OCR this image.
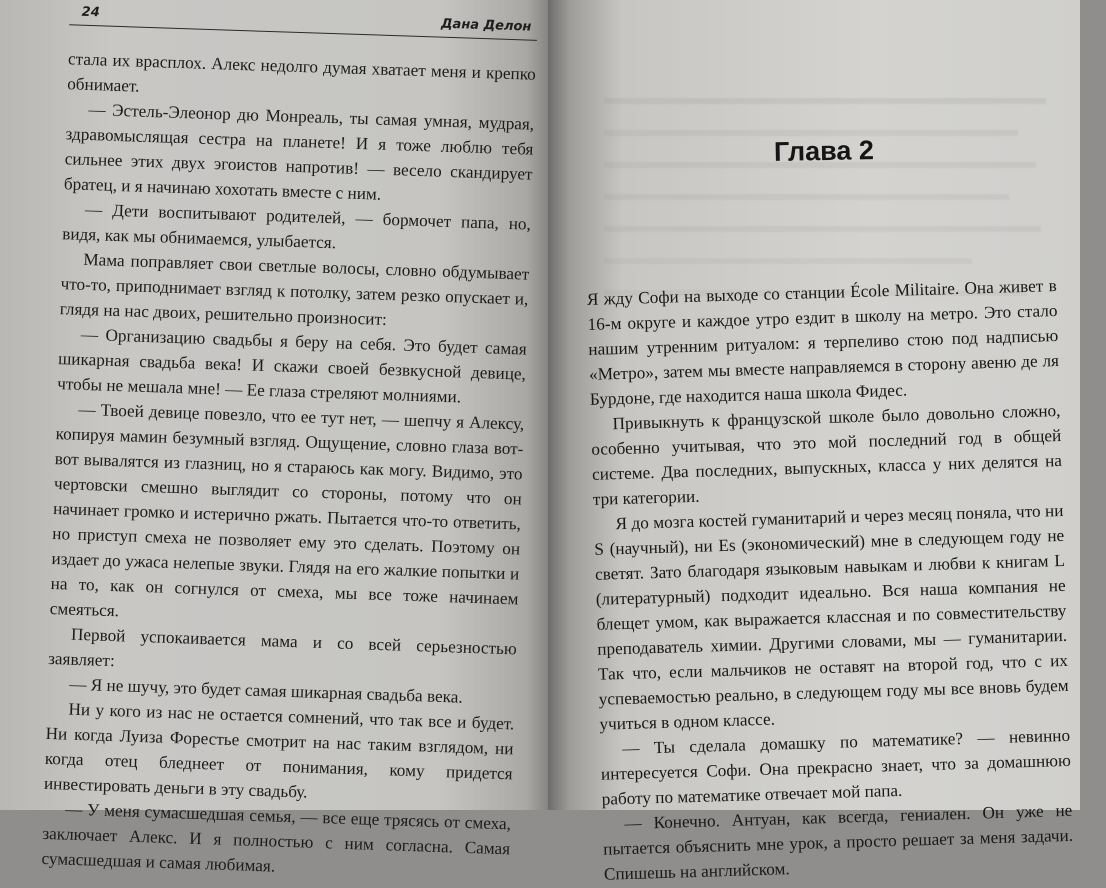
24
Дана Делон

стала их врасплох. Алекс недолго думая хватает меня и крепко обнимает.

— Эстель-Элеонор дю Монреаль, ты самая умная, мудрая, здравомыслящая сестра на планете! И я тоже люблю тебя сильнее этих двух эгоистов напротив! — весело скандирует братец, и я начинаю хохотать вместе с ним.

— Дети воспитывают родителей, — бормочет папа, но, видя, как мы обнимаемся, улыбается.

Мама поправляет свои светлые волосы, словно обдумывает что-то, приподнимает взгляд к потолку, затем резко опускает и, глядя на нас двоих, решительно произносит:

— Организацию свадьбы я беру на себя. Это будет самая шикарная свадьба века! И скажи своей безвкусной девице, чтобы не мешала мне! — Ее глаза стреляют молниями.

— Твоей девице повезло, что ее тут нет, — шепчу я Алексу, копируя мамин безумный взгляд. Ощущение, словно глаза вот-вот вывалятся из глазниц, но я стараюсь как могу. Видимо, это чертовски смешно выглядит со стороны, потому что он начинает громко и истерично ржать. Пытается что-то ответить, но приступ смеха не позволяет ему это сделать. Поэтому он издает до ужаса нелепые звуки. Глядя на его жалкие попытки и на то, как он согнулся от смеха, мы все тоже начинаем смеяться.

Первой успокаивается мама и со всей серьезностью заявляет:

— Я не шучу, это будет самая шикарная свадьба века.

Ни у кого из нас не остается сомнений, что так все и будет. Ни когда Луиза Форестье смотрит на нас таким взглядом, ни когда отец бледнеет от понимания, кому придется инвестировать деньги в эту свадьбу.

— У меня сумасшедшая семья, — все еще трясясь от смеха, заключает Алекс. И я полностью с ним согласна. Самая сумасшедшая и самая любимая.

Глава 2

Я жду Софи на выходе со станции École Militaire. Она живет в 16-м округе и каждое утро ездит в школу на метро. Это стало нашим утренним ритуалом: я терпеливо стою под надписью «Метро», затем мы вместе направляемся в сторону авеню де ля Бурдоне, где находится наша школа Фидес.

Привыкнуть к французской школе было довольно сложно, особенно учитывая, что это мой последний год в общей системе. Два последних, выпускных, класса у них делятся на три категории.

Я до мозга костей гуманитарий и через месяц поняла, что ни S (научный), ни Es (экономический) мне в следующем году не светят. Зато благодаря языковым навыкам и любви к книгам L (литературный) подходит идеально. Вся наша компания не блещет умом, как выражается классная и по совместительству преподаватель химии. Другими словами, мы — гуманитарии. Так что, если мальчиков не оставят на второй год, что с их успеваемостью реально, в следующем году мы все вновь будем учиться в одном классе.

— Ты сделала домашку по математике? — невинно интересуется Софи. Она прекрасно знает, что за домашнюю работу по математике отвечает мой папа.

— Конечно. Антуан, как всегда, гениален. Он уже не пытается объяснить мне урок, а просто решает за меня задачи. Спишешь на английском.
